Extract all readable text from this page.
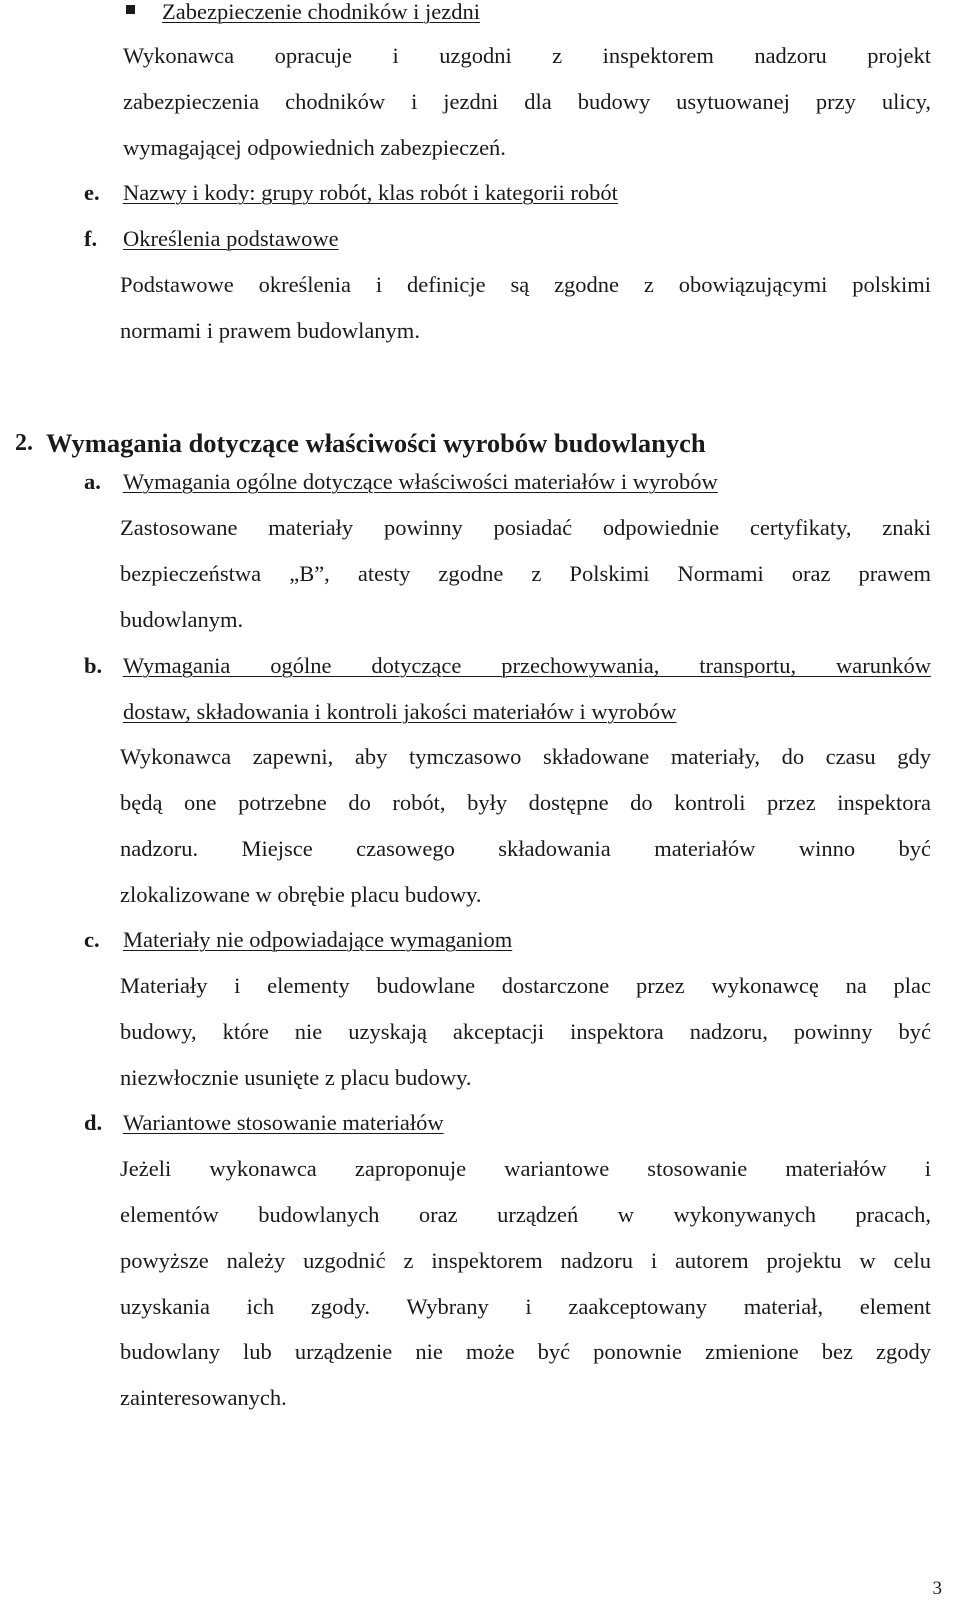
Zabezpieczenie chodników i jezdni
Wykonawca opracuje i uzgodni z inspektorem nadzoru projekt
zabezpieczenia chodników i jezdni dla budowy usytuowanej przy ulicy,
wymagającej odpowiednich zabezpieczeń.
e. Nazwy i kody: grupy robót, klas robót i kategorii robót
f. Określenia podstawowe
Podstawowe określenia i definicje są zgodne z obowiązującymi polskimi
normami i prawem budowlanym.
2. Wymagania dotyczące właściwości wyrobów budowlanych
a. Wymagania ogólne dotyczące właściwości materiałów i wyrobów
Zastosowane materiały powinny posiadać odpowiednie certyfikaty, znaki
bezpieczeństwa „B”, atesty zgodne z Polskimi Normami oraz prawem
budowlanym.
b. Wymagania ogólne dotyczące przechowywania, transportu, warunków
dostaw, składowania i kontroli jakości materiałów i wyrobów
Wykonawca zapewni, aby tymczasowo składowane materiały, do czasu gdy
będą one potrzebne do robót, były dostępne do kontroli przez inspektora
nadzoru. Miejsce czasowego składowania materiałów winno być
zlokalizowane w obrębie placu budowy.
c. Materiały nie odpowiadające wymaganiom
Materiały i elementy budowlane dostarczone przez wykonawcę na plac
budowy, które nie uzyskają akceptacji inspektora nadzoru, powinny być
niezwłocznie usunięte z placu budowy.
d. Wariantowe stosowanie materiałów
Jeżeli wykonawca zaproponuje wariantowe stosowanie materiałów i
elementów budowlanych oraz urządzeń w wykonywanych pracach,
powyższe należy uzgodnić z inspektorem nadzoru i autorem projektu w celu
uzyskania ich zgody. Wybrany i zaakceptowany materiał, element
budowlany lub urządzenie nie może być ponownie zmienione bez zgody
zainteresowanych.
3
